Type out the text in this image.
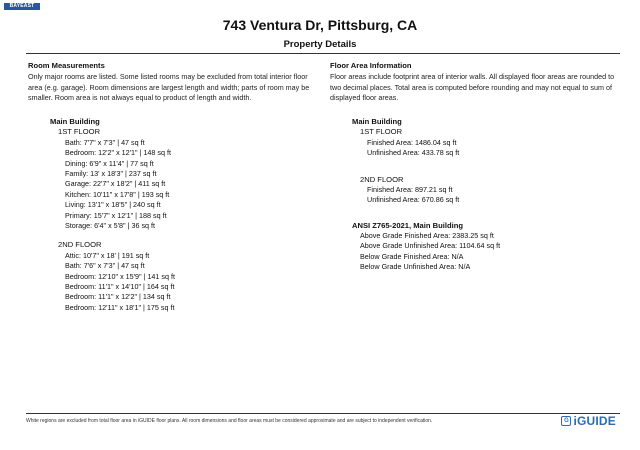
BAYEAST
743 Ventura Dr, Pittsburg, CA
Property Details
Room Measurements

Only major rooms are listed. Some listed rooms may be excluded from total interior floor area (e.g. garage). Room dimensions are largest length and width; parts of room may be smaller. Room area is not always equal to product of length and width.

Main Building
1ST FLOOR
Bath: 7'7" x 7'3" | 47 sq ft
Bedroom: 12'2" x 12'1" | 148 sq ft
Dining: 6'9" x 11'4" | 77 sq ft
Family: 13' x 18'3" | 237 sq ft
Garage: 22'7" x 18'2" | 411 sq ft
Kitchen: 10'11" x 17'8" | 193 sq ft
Living: 13'1" x 18'5" | 240 sq ft
Primary: 15'7" x 12'1" | 188 sq ft
Storage: 6'4" x 5'8" | 36 sq ft
2ND FLOOR
Attic: 10'7" x 18' | 191 sq ft
Bath: 7'6" x 7'3" | 47 sq ft
Bedroom: 12'10" x 15'9" | 141 sq ft
Bedroom: 11'1" x 14'10" | 164 sq ft
Bedroom: 11'1" x 12'2" | 134 sq ft
Bedroom: 12'11" x 18'1" | 175 sq ft
Floor Area Information

Floor areas include footprint area of interior walls. All displayed floor areas are rounded to two decimal places. Total area is computed before rounding and may not equal to sum of displayed floor areas.

Main Building
1ST FLOOR
Finished Area: 1486.04 sq ft
Unfinished Area: 433.78 sq ft
2ND FLOOR
Finished Area: 897.21 sq ft
Unfinished Area: 670.86 sq ft
ANSI Z765-2021, Main Building
Above Grade Finished Area: 2383.25 sq ft
Above Grade Unfinished Area: 1104.64 sq ft
Below Grade Finished Area: N/A
Below Grade Unfinished Area: N/A
White regions are excluded from total floor area in iGUIDE floor plans. All room dimensions and floor areas must be considered approximate and are subject to independent verification.	G iGUIDE
